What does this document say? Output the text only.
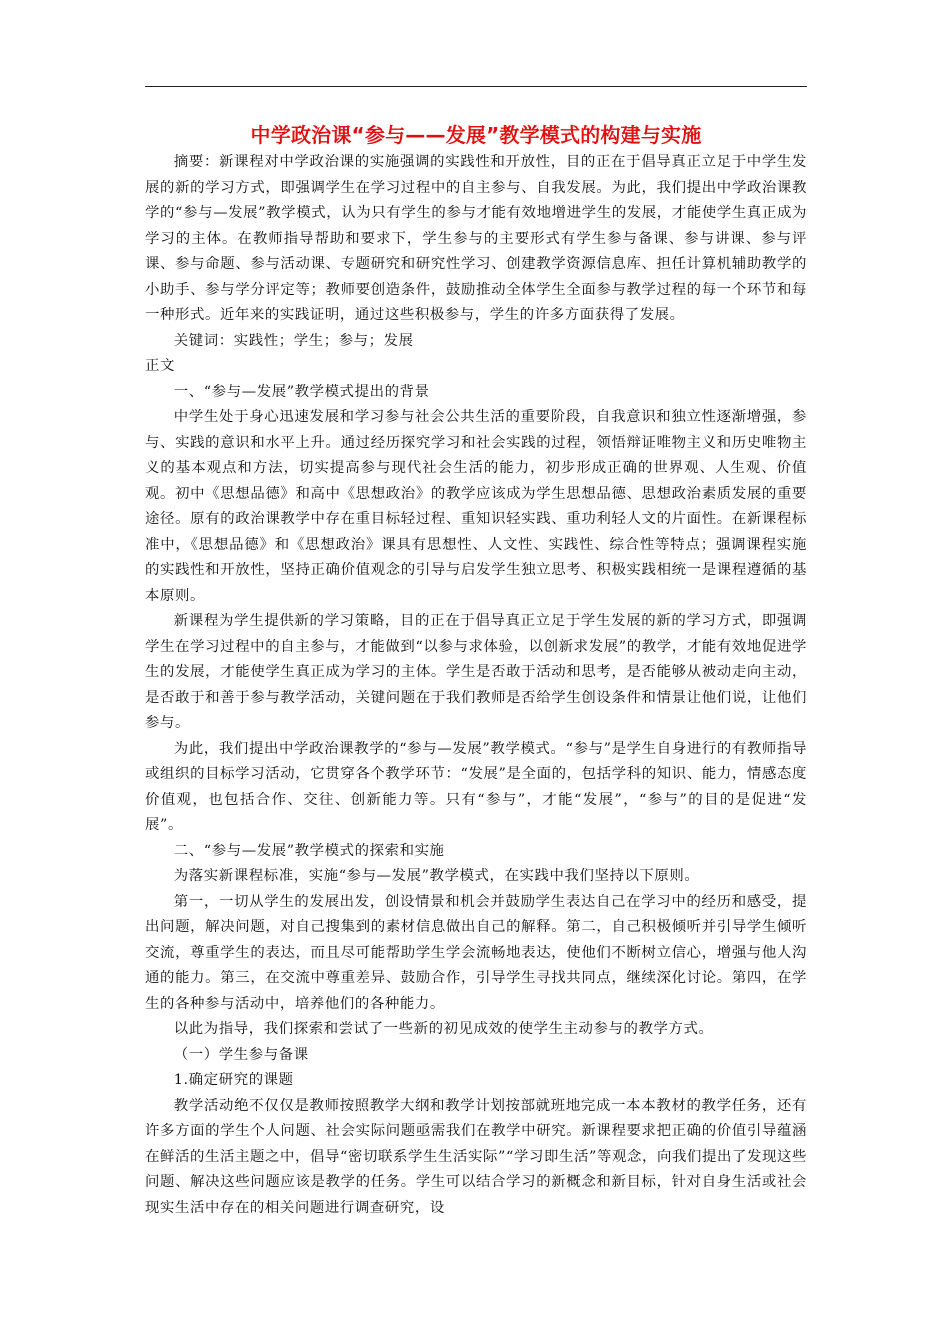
中学政治课“参与——发展”教学模式的构建与实施

摘要：新课程对中学政治课的实施强调的实践性和开放性，目的正在于倡导真正立足于中学生发展的新的学习方式，即强调学生在学习过程中的自主参与、自我发展。为此，我们提出中学政治课教学的“参与—发展”教学模式，认为只有学生的参与才能有效地增进学生的发展，才能使学生真正成为学习的主体。在教师指导帮助和要求下，学生参与的主要形式有学生参与备课、参与讲课、参与评课、参与命题、参与活动课、专题研究和研究性学习、创建教学资源信息库、担任计算机辅助教学的小助手、参与学分评定等；教师要创造条件，鼓励推动全体学生全面参与教学过程的每一个环节和每一种形式。近年来的实践证明，通过这些积极参与，学生的许多方面获得了发展。

关键词：实践性；学生；参与；发展

正文

一、“参与—发展”教学模式提出的背景

中学生处于身心迅速发展和学习参与社会公共生活的重要阶段，自我意识和独立性逐渐增强，参与、实践的意识和水平上升。通过经历探究学习和社会实践的过程，领悟辩证唯物主义和历史唯物主义的基本观点和方法，切实提高参与现代社会生活的能力，初步形成正确的世界观、人生观、价值观。初中《思想品德》和高中《思想政治》的教学应该成为学生思想品德、思想政治素质发展的重要途径。原有的政治课教学中存在重目标轻过程、重知识轻实践、重功利轻人文的片面性。在新课程标准中，《思想品德》和《思想政治》课具有思想性、人文性、实践性、综合性等特点；强调课程实施的实践性和开放性，坚持正确价值观念的引导与启发学生独立思考、积极实践相统一是课程遵循的基本原则。

新课程为学生提供新的学习策略，目的正在于倡导真正立足于学生发展的新的学习方式，即强调学生在学习过程中的自主参与，才能做到“以参与求体验，以创新求发展”的教学，才能有效地促进学生的发展，才能使学生真正成为学习的主体。学生是否敢于活动和思考，是否能够从被动走向主动，是否敢于和善于参与教学活动，关键问题在于我们教师是否给学生创设条件和情景让他们说，让他们参与。

为此，我们提出中学政治课教学的“参与—发展”教学模式。“参与”是学生自身进行的有教师指导或组织的目标学习活动，它贯穿各个教学环节：“发展”是全面的，包括学科的知识、能力，情感态度价值观，也包括合作、交往、创新能力等。只有“参与”，才能“发展”，“参与”的目的是促进“发展”。

二、“参与—发展”教学模式的探索和实施

为落实新课程标准，实施“参与—发展”教学模式，在实践中我们坚持以下原则。

第一，一切从学生的发展出发，创设情景和机会并鼓励学生表达自己在学习中的经历和感受，提出问题，解决问题，对自己搜集到的素材信息做出自己的解释。第二，自己积极倾听并引导学生倾听交流，尊重学生的表达，而且尽可能帮助学生学会流畅地表达，使他们不断树立信心，增强与他人沟通的能力。第三，在交流中尊重差异、鼓励合作，引导学生寻找共同点，继续深化讨论。第四，在学生的各种参与活动中，培养他们的各种能力。

以此为指导，我们探索和尝试了一些新的初见成效的使学生主动参与的教学方式。

（一）学生参与备课

1.确定研究的课题

教学活动绝不仅仅是教师按照教学大纲和教学计划按部就班地完成一本本教材的教学任务，还有许多方面的学生个人问题、社会实际问题亟需我们在教学中研究。新课程要求把正确的价值引导蕴涵在鲜活的生活主题之中，倡导“密切联系学生生活实际”“学习即生活”等观念，向我们提出了发现这些问题、解决这些问题应该是教学的任务。学生可以结合学习的新概念和新目标，针对自身生活或社会现实生活中存在的相关问题进行调查研究，设
